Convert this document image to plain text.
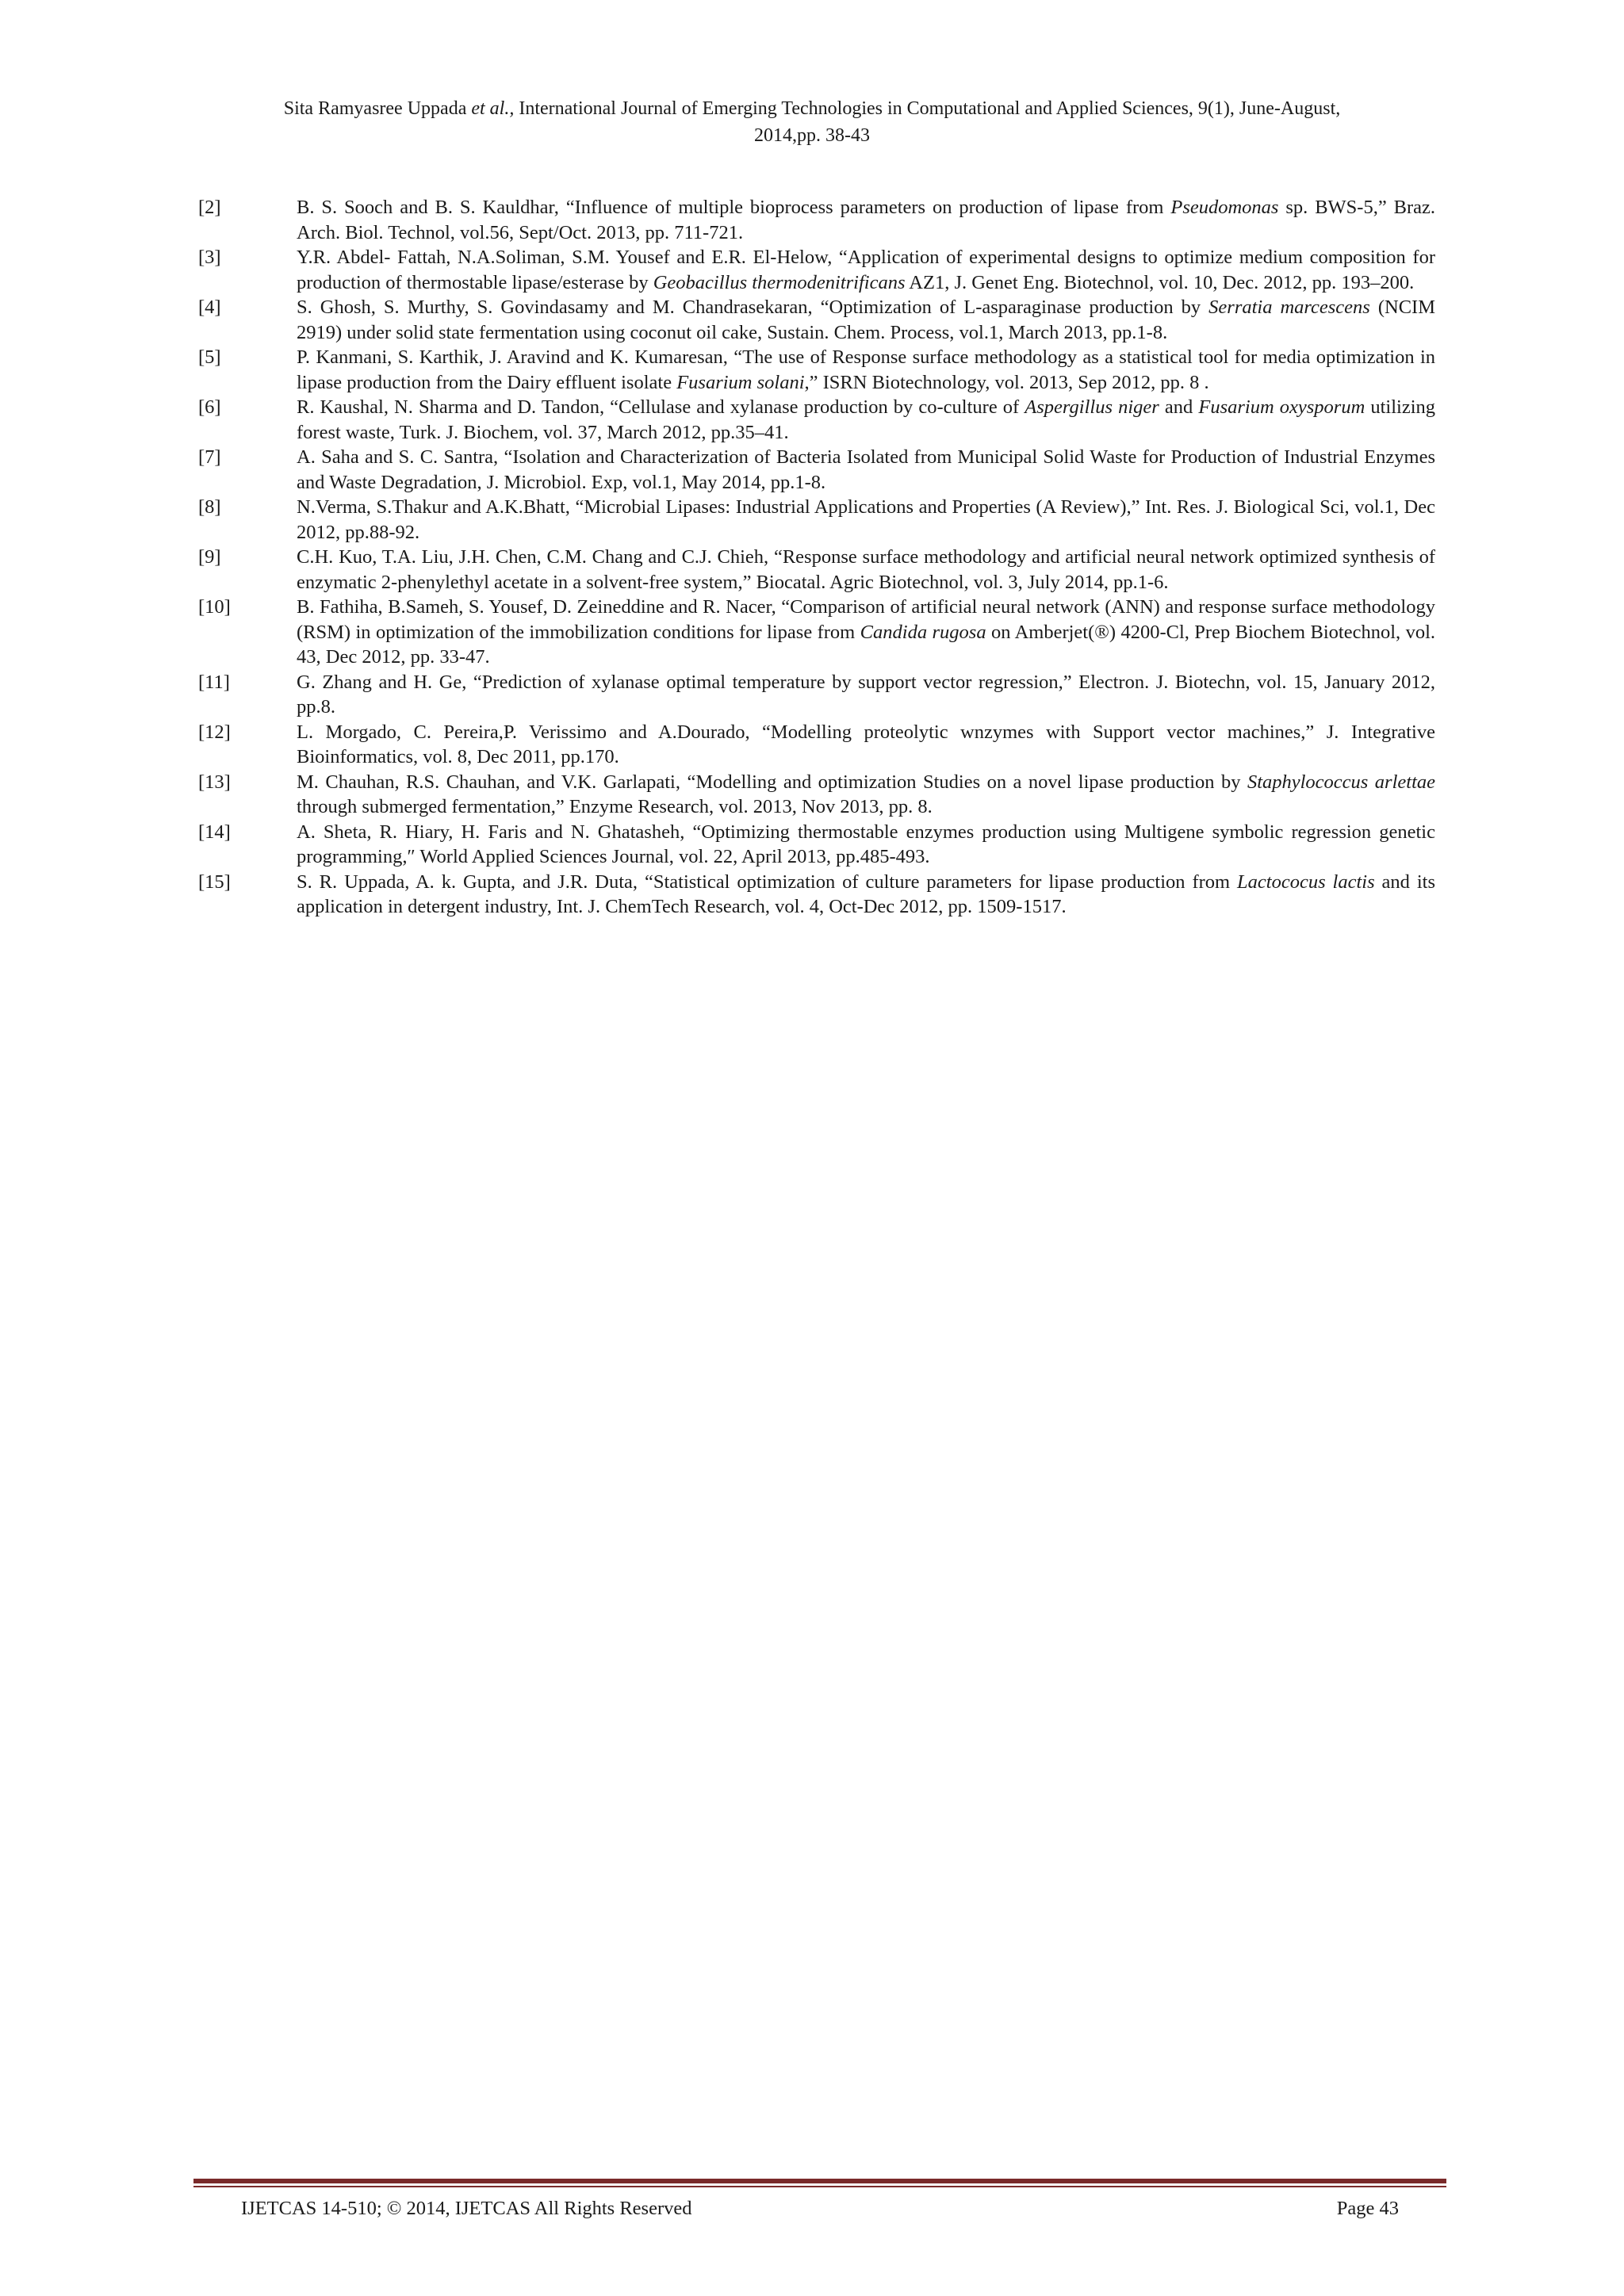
Sita Ramyasree Uppada et al., International Journal of Emerging Technologies in Computational and Applied Sciences, 9(1), June-August,
2014,pp. 38-43
[2]	B. S. Sooch and B. S. Kauldhar, “Influence of multiple bioprocess parameters on production of lipase from Pseudomonas sp. BWS-5,” Braz. Arch. Biol. Technol, vol.56, Sept/Oct. 2013, pp. 711-721.
[3]	Y.R. Abdel- Fattah, N.A.Soliman, S.M. Yousef and E.R. El-Helow, “Application of experimental designs to optimize medium composition for production of thermostable lipase/esterase by Geobacillus thermodenitrificans AZ1, J. Genet Eng. Biotechnol, vol. 10, Dec. 2012, pp. 193–200.
[4]	S. Ghosh, S. Murthy, S. Govindasamy and M. Chandrasekaran, “Optimization of L-asparaginase production by Serratia marcescens (NCIM 2919) under solid state fermentation using coconut oil cake, Sustain. Chem. Process, vol.1, March 2013, pp.1-8.
[5]	P. Kanmani, S. Karthik, J. Aravind and K. Kumaresan, “The use of Response surface methodology as a statistical tool for media optimization in lipase production from the Dairy effluent isolate Fusarium solani,” ISRN Biotechnology, vol. 2013, Sep 2012, pp. 8 .
[6]	R. Kaushal, N. Sharma and D. Tandon, “Cellulase and xylanase production by co-culture of Aspergillus niger and Fusarium oxysporum utilizing forest waste, Turk. J. Biochem, vol. 37, March 2012, pp.35–41.
[7]	A. Saha and S. C. Santra, “Isolation and Characterization of Bacteria Isolated from Municipal Solid Waste for Production of Industrial Enzymes and Waste Degradation, J. Microbiol. Exp, vol.1, May 2014, pp.1-8.
[8]	N.Verma, S.Thakur and A.K.Bhatt, “Microbial Lipases: Industrial Applications and Properties (A Review),” Int. Res. J. Biological Sci, vol.1, Dec 2012, pp.88-92.
[9]	C.H. Kuo, T.A. Liu, J.H. Chen, C.M. Chang and C.J. Chieh, “Response surface methodology and artificial neural network optimized synthesis of enzymatic 2-phenylethyl acetate in a solvent-free system,” Biocatal. Agric Biotechnol, vol. 3, July 2014, pp.1-6.
[10]	B. Fathiha, B.Sameh, S. Yousef, D. Zeineddine and R. Nacer, “Comparison of artificial neural network (ANN) and response surface methodology (RSM) in optimization of the immobilization conditions for lipase from Candida rugosa on Amberjet(®) 4200-Cl, Prep Biochem Biotechnol, vol. 43, Dec 2012, pp. 33-47.
[11]	G. Zhang and H. Ge, “Prediction of xylanase optimal temperature by support vector regression,” Electron. J. Biotechn, vol. 15, January 2012, pp.8.
[12]	L. Morgado, C. Pereira,P. Verissimo and A.Dourado, “Modelling proteolytic wnzymes with Support vector machines,” J. Integrative Bioinformatics, vol. 8, Dec 2011, pp.170.
[13]	M. Chauhan, R.S. Chauhan, and V.K. Garlapati, “Modelling and optimization Studies on a novel lipase production by Staphylococcus arlettae through submerged fermentation,” Enzyme Research, vol. 2013, Nov 2013, pp. 8.
[14]	A. Sheta, R. Hiary, H. Faris and N. Ghatasheh, “Optimizing thermostable enzymes production using Multigene symbolic regression genetic programming,″ World Applied Sciences Journal, vol. 22, April 2013, pp.485-493.
[15]	S. R. Uppada, A. k. Gupta, and J.R. Duta, “Statistical optimization of culture parameters for lipase production from Lactococus lactis and its application in detergent industry, Int. J. ChemTech Research, vol. 4, Oct-Dec 2012, pp. 1509-1517.
IJETCAS 14-510; © 2014, IJETCAS All Rights Reserved	Page 43
